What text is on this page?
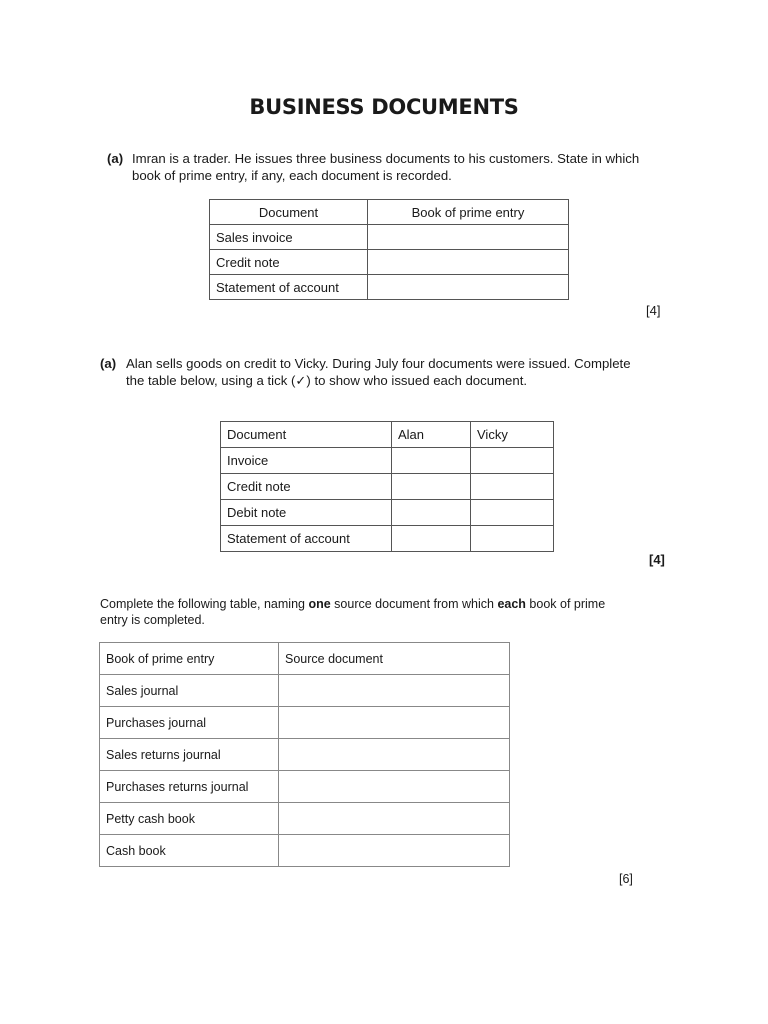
BUSINESS DOCUMENTS
(a) Imran is a trader. He issues three business documents to his customers. State in which
book of prime entry, if any, each document is recorded.
Document	Book of prime entry
Sales invoice	
Credit note	
Statement of account	
[4]
(a) Alan sells goods on credit to Vicky. During July four documents were issued. Complete
the table below, using a tick (✓) to show who issued each document.
Document	Alan	Vicky
Invoice		
Credit note		
Debit note		
Statement of account		
[4]
Complete the following table, naming one source document from which each book of prime
entry is completed.
Book of prime entry	Source document
Sales journal	
Purchases journal	
Sales returns journal	
Purchases returns journal	
Petty cash book	
Cash book	
[6]
